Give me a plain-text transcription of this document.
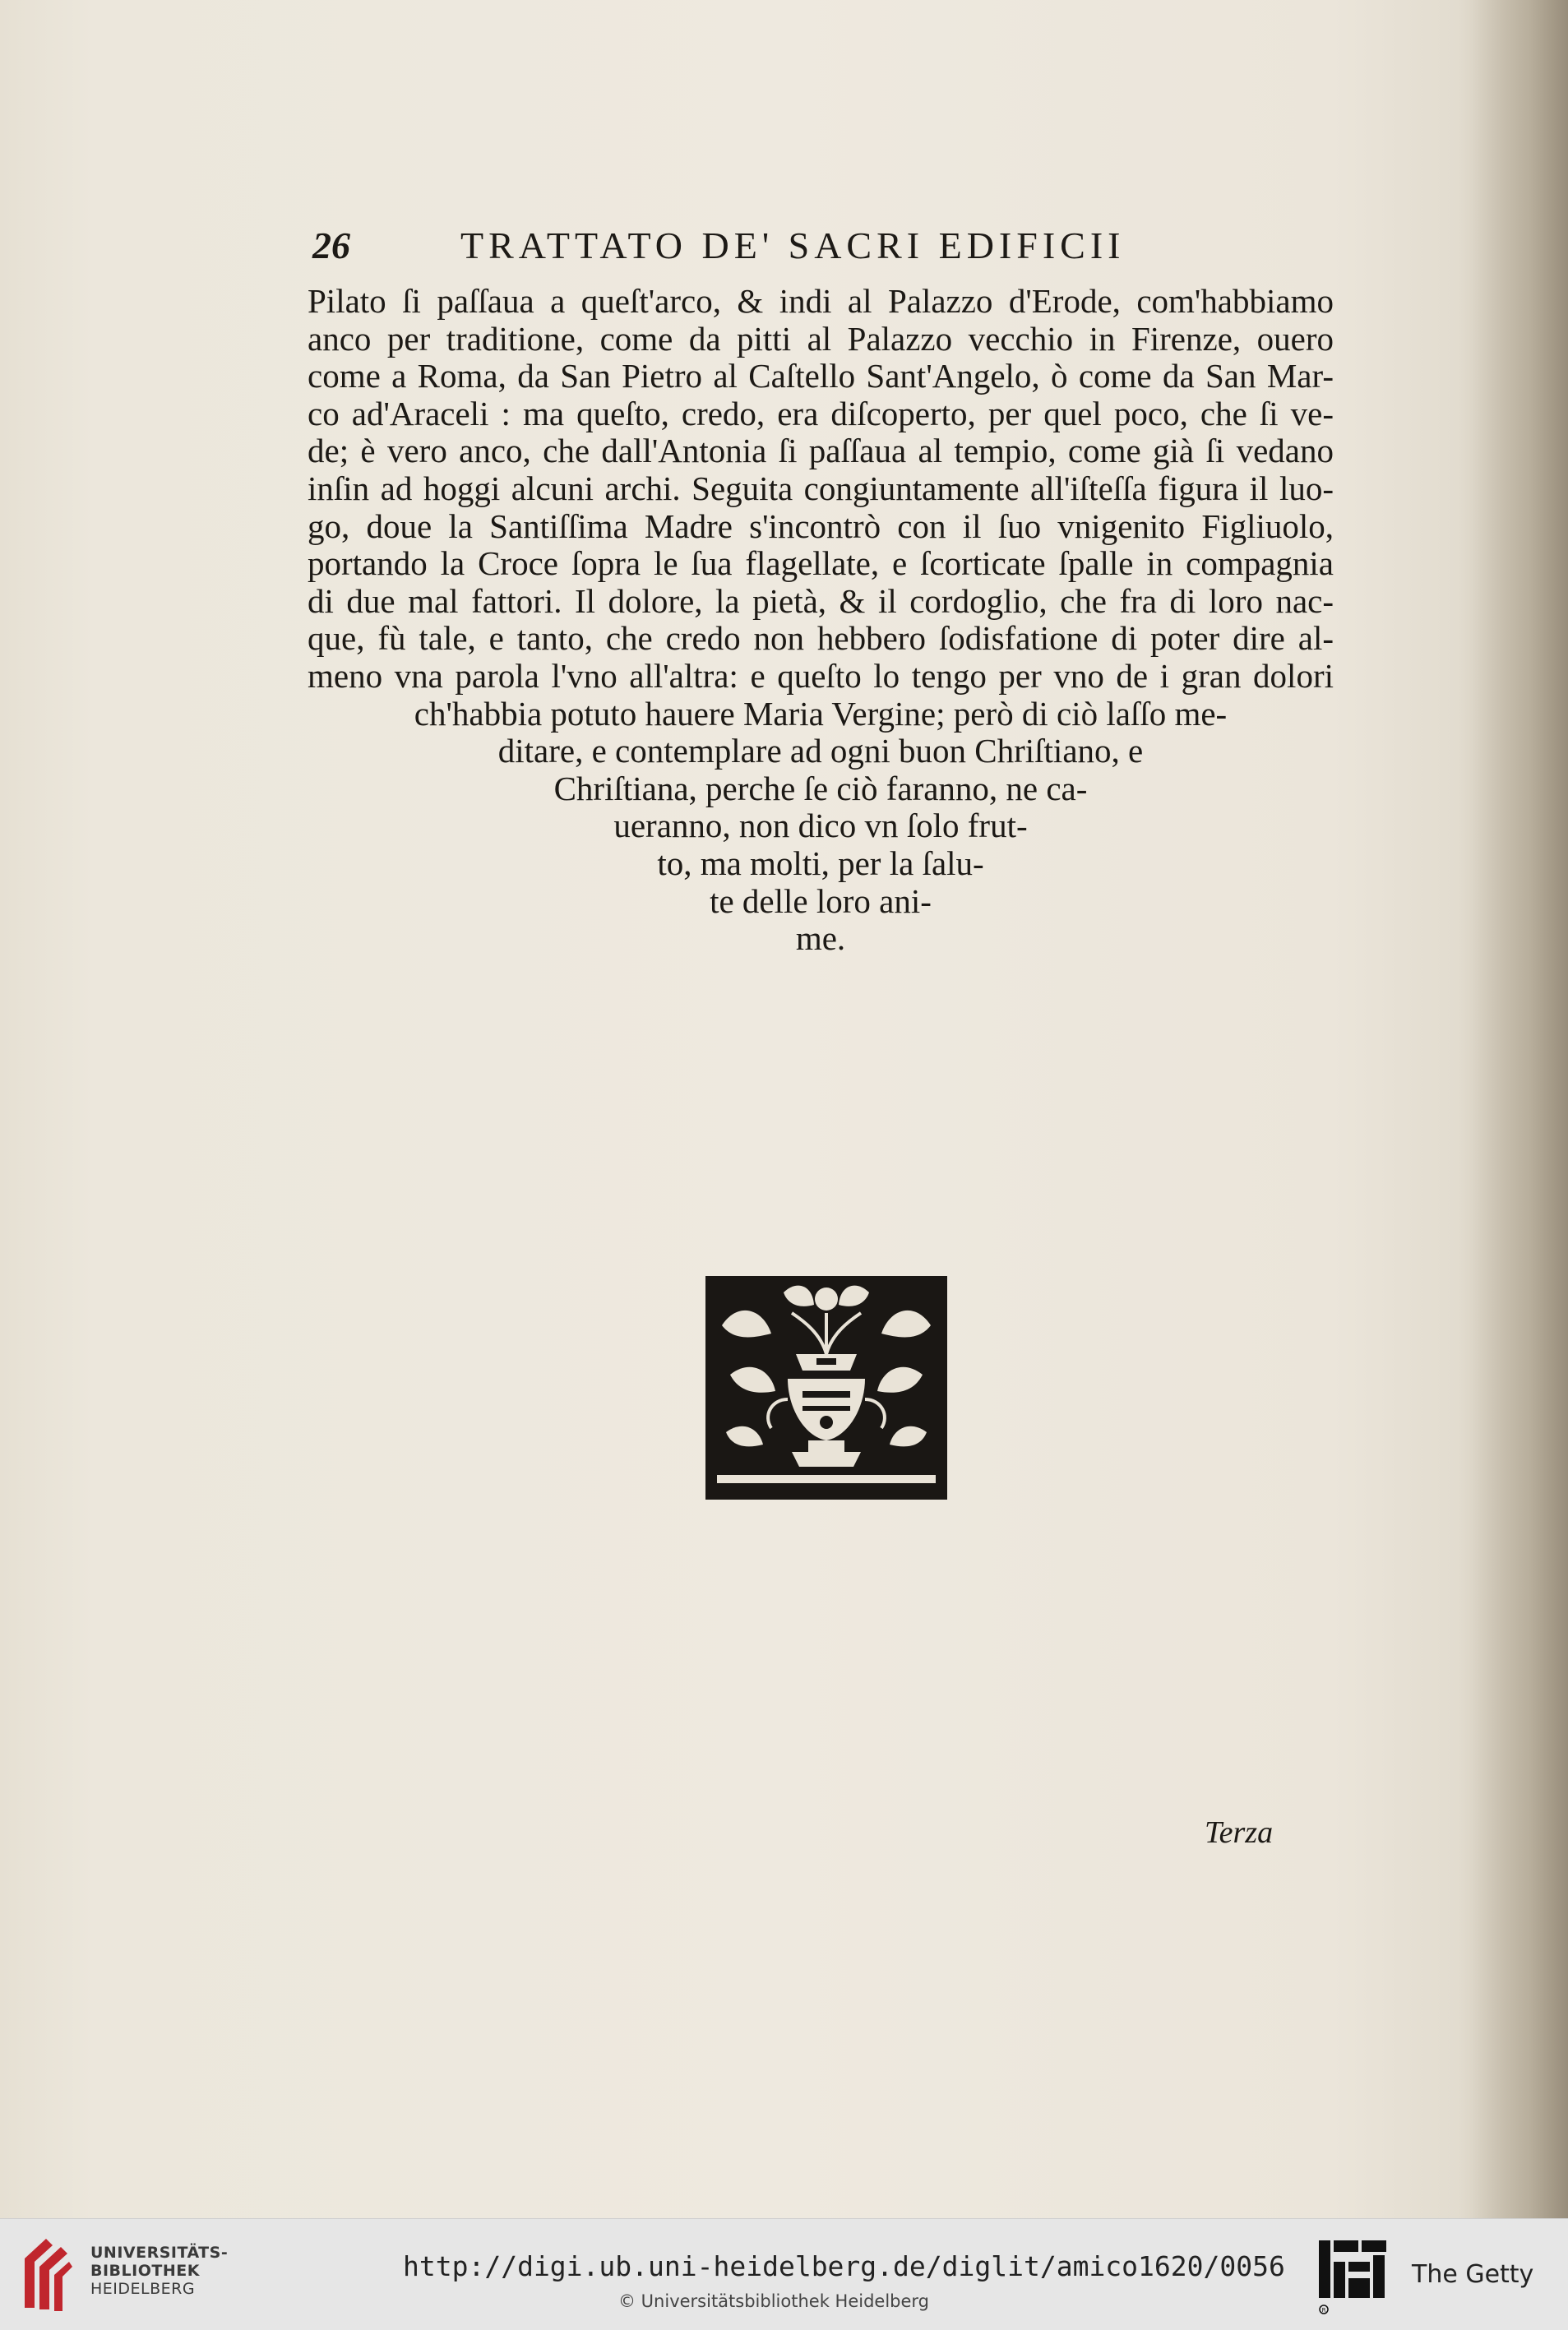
26	TRATTATO DE' SACRI EDIFICII
Pilato ſi paſſaua a queſt'arco, & indi al Palazzo d'Erode, com'habbiamo
anco per traditione, come da pitti al Palazzo vecchio in Firenze, ouero
come a Roma, da San Pietro al Caſtello Sant'Angelo, ò come da San Mar-
co ad'Araceli : ma queſto, credo, era diſcoperto, per quel poco, che ſi ve-
de; è vero anco, che dall'Antonia ſi paſſaua al tempio, come già ſi vedano
inſin ad hoggi alcuni archi. Seguita congiuntamente all'iſteſſa figura il luo-
go, doue la Santiſſima Madre s'incontrò con il ſuo vnigenito Figliuolo,
portando la Croce ſopra le ſua flagellate, e ſcorticate ſpalle in compagnia
di due mal fattori. Il dolore, la pietà, & il cordoglio, che fra di loro nac-
que, fù tale, e tanto, che credo non hebbero ſodisfatione di poter dire al-
meno vna parola l'vno all'altra: e queſto lo tengo per vno de i gran dolori
ch'habbia potuto hauere Maria Vergine; però di ciò laſſo me-
ditare, e contemplare ad ogni buon Chriſtiano, e
Chriſtiana, perche ſe ciò faranno, ne ca-
ueranno, non dico vn ſolo frut-
to, ma molti, per la ſalu-
te delle loro ani-
me.
Terza
UNIVERSITÄTS-
BIBLIOTHEK
HEIDELBERG
http://digi.ub.uni-heidelberg.de/diglit/amico1620/0056
© Universitätsbibliothek Heidelberg	R
The Getty
